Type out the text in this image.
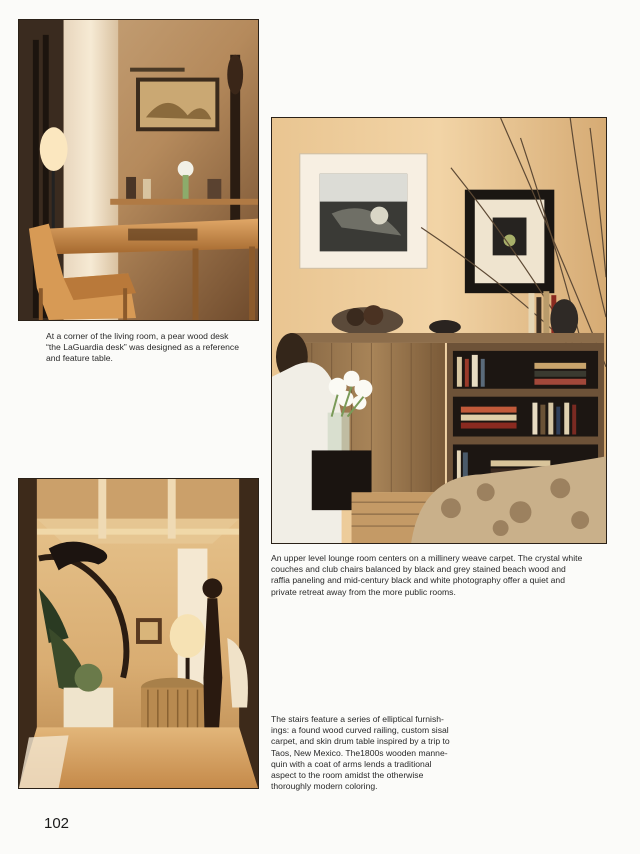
At a corner of the living room, a pear wood desk
“the LaGuardia desk” was designed as a reference
and feature table.

An upper level lounge room centers on a millinery weave carpet. The crystal white
couches and club chairs balanced by black and grey stained beach wood and
raffia paneling and mid-century black and white photography offer a quiet and
private retreat away from the more public rooms.

The stairs feature a series of elliptical furnish-
ings: a found wood curved railing, custom sisal
carpet, and skin drum table inspired by a trip to
Taos, New Mexico. The1800s wooden manne-
quin with a coat of arms lends a traditional
aspect to the room amidst the otherwise
thoroughly modern coloring.

102
